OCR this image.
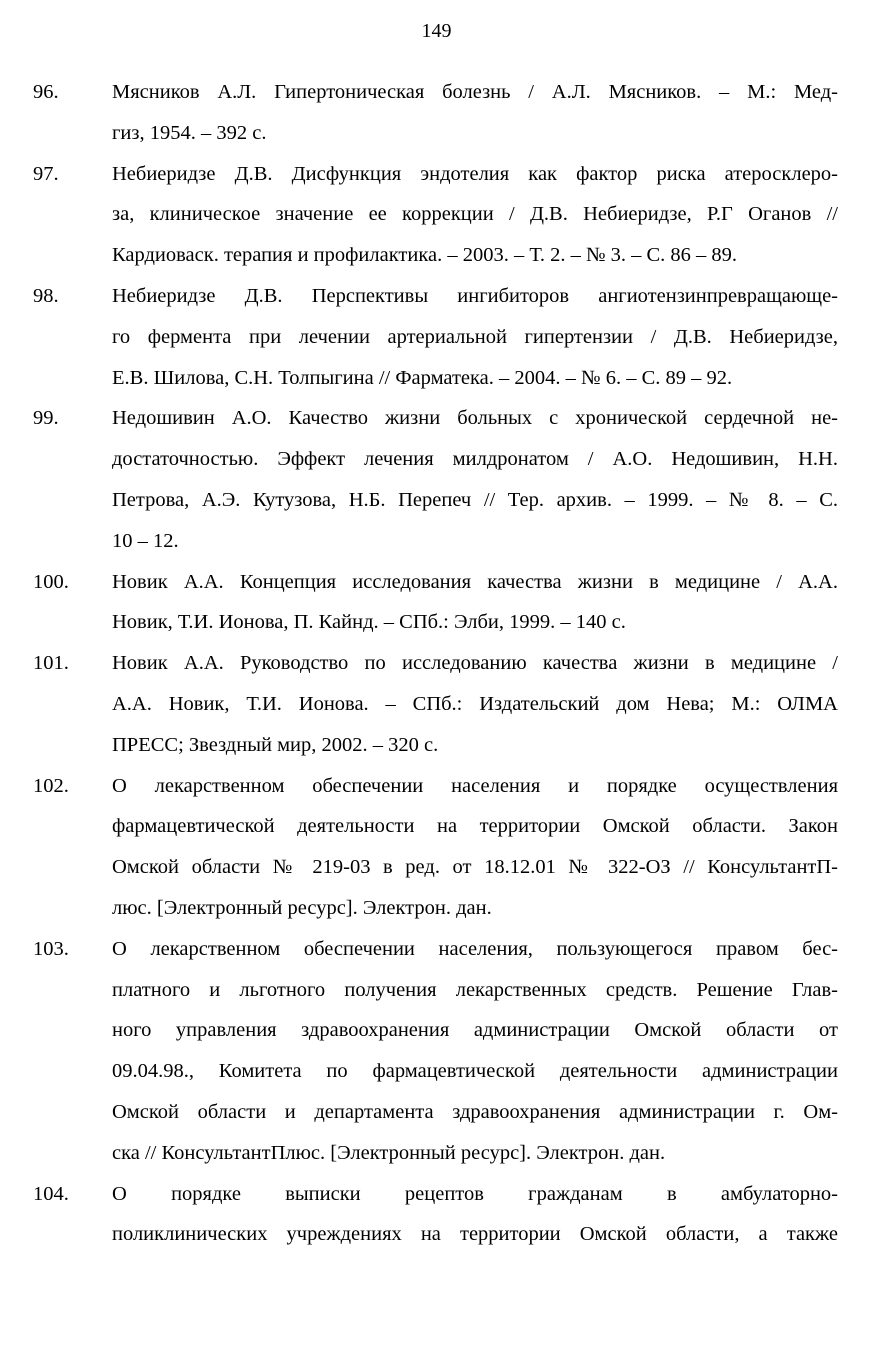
149
96.	Мясников А.Л. Гипертоническая болезнь / А.Л. Мясников. – М.: Мед-
гиз, 1954. – 392 с.
97.	Небиеридзе Д.В. Дисфункция эндотелия как фактор риска атеросклеро-
за, клиническое значение ее коррекции / Д.В. Небиеридзе, Р.Г Оганов //
Кардиоваск. терапия и профилактика. – 2003. – Т. 2. – № 3. – С. 86 – 89.
98.	Небиеридзе Д.В. Перспективы ингибиторов ангиотензинпревращающе-
го фермента при лечении артериальной гипертензии / Д.В. Небиеридзе,
Е.В. Шилова, С.Н. Толпыгина // Фарматека. – 2004. – № 6. – С. 89 – 92.
99.	Недошивин А.О. Качество жизни больных с хронической сердечной не-
достаточностью. Эффект лечения милдронатом / А.О. Недошивин, Н.Н.
Петрова, А.Э. Кутузова, Н.Б. Перепеч // Тер. архив. – 1999. – № 8. – С.
10 – 12.
100.	Новик А.А. Концепция исследования качества жизни в медицине / А.А.
Новик, Т.И. Ионова, П. Кайнд. – СПб.: Элби, 1999. – 140 с.
101.	Новик А.А. Руководство по исследованию качества жизни в медицине /
А.А. Новик, Т.И. Ионова. – СПб.: Издательский дом Нева; М.: ОЛМА
ПРЕСС; Звездный мир, 2002. – 320 с.
102.	О лекарственном обеспечении населения и порядке осуществления
фармацевтической деятельности на территории Омской области. Закон
Омской области № 219-03 в ред. от 18.12.01 № 322-ОЗ // КонсультантП-
люс. [Электронный ресурс]. Электрон. дан.
103.	О лекарственном обеспечении населения, пользующегося правом бес-
платного и льготного получения лекарственных средств. Решение Глав-
ного управления здравоохранения администрации Омской области от
09.04.98., Комитета по фармацевтической деятельности администрации
Омской области и департамента здравоохранения администрации г. Ом-
ска // КонсультантПлюс. [Электронный ресурс]. Электрон. дан.
104.	О порядке выписки рецептов гражданам в амбулаторно-
поликлинических учреждениях на территории Омской области, а также
